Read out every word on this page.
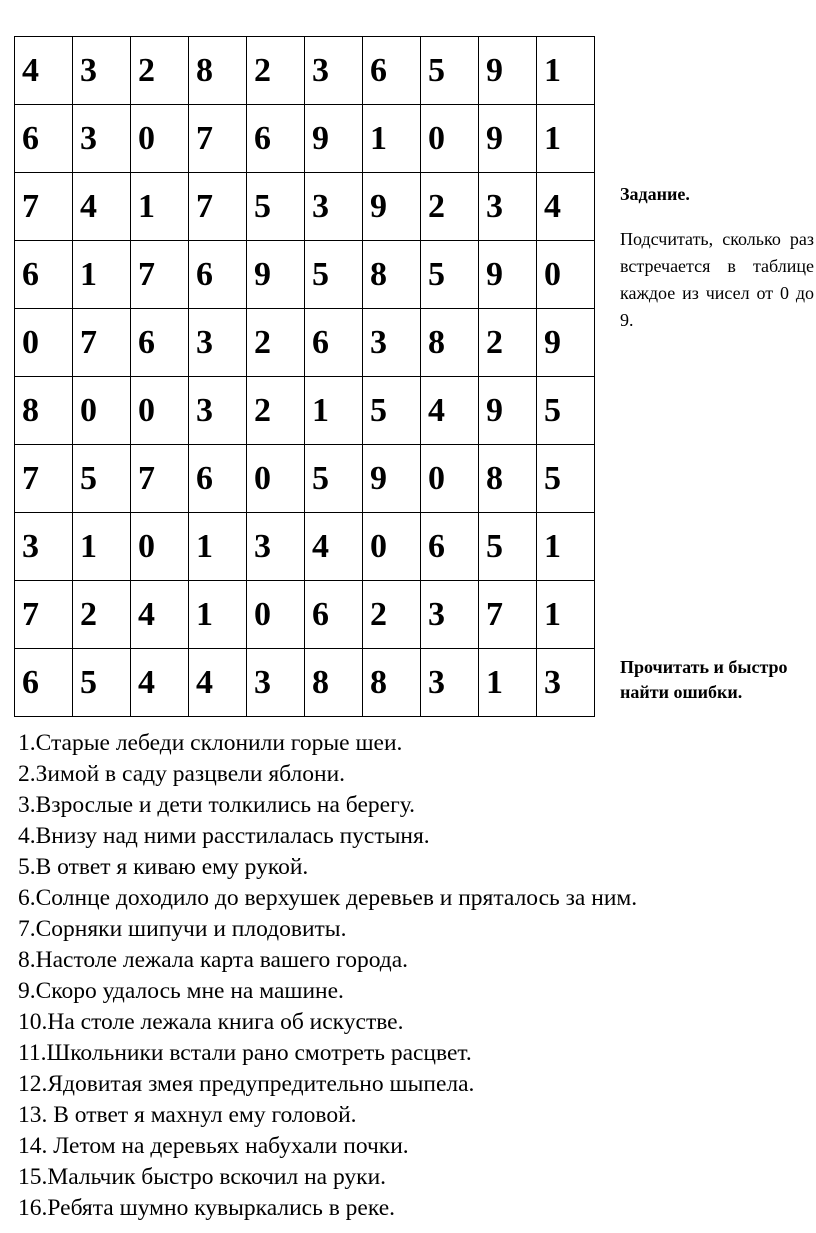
4	3	2	8	2	3	6	5	9	1
6	3	0	7	6	9	1	0	9	1
7	4	1	7	5	3	9	2	3	4
6	1	7	6	9	5	8	5	9	0
0	7	6	3	2	6	3	8	2	9
8	0	0	3	2	1	5	4	9	5
7	5	7	6	0	5	9	0	8	5
3	1	0	1	3	4	0	6	5	1
7	2	4	1	0	6	2	3	7	1
6	5	4	4	3	8	8	3	1	3
Задание.
Подсчитать, сколько раз встречается в таблице каждое из чисел от 0 до 9.
Прочитать и быстро найти ошибки.
1.Старые лебеди склонили горые шеи.
2.Зимой в саду разцвели яблони.
3.Взрослые и дети толкились на берегу.
4.Внизу над ними расстилалась пустыня.
5.В ответ я киваю ему рукой.
6.Солнце доходило до верхушек деревьев и пряталось за ним.
7.Сорняки шипучи и плодовиты.
8.Настоле лежала карта вашего города.
9.Скоро удалось мне на машине.
10.На столе лежала книга об искустве.
11.Школьники встали рано смотреть расцвет.
12.Ядовитая змея предупредительно шыпела.
13. В ответ я махнул ему головой.
14. Летом на деревьях набухали почки.
15.Мальчик быстро вскочил на руки.
16.Ребята шумно кувыркались в реке.
